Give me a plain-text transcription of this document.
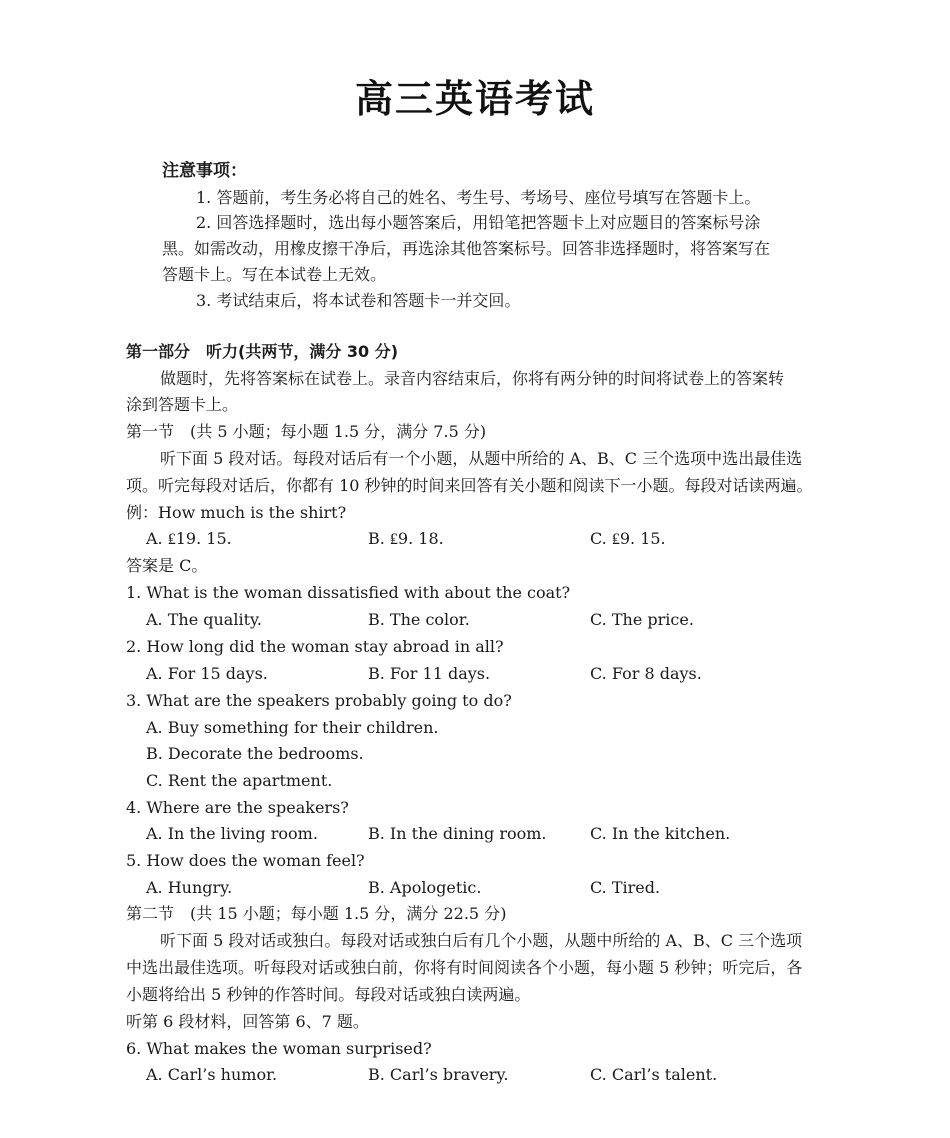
高三英语考试
注意事项：
1. 答题前，考生务必将自己的姓名、考生号、考场号、座位号填写在答题卡上。
2. 回答选择题时，选出每小题答案后，用铅笔把答题卡上对应题目的答案标号涂
黑。如需改动，用橡皮擦干净后，再选涂其他答案标号。回答非选择题时，将答案写在
答题卡上。写在本试卷上无效。
3. 考试结束后，将本试卷和答题卡一并交回。
第一部分　听力(共两节，满分 30 分)
做题时，先将答案标在试卷上。录音内容结束后，你将有两分钟的时间将试卷上的答案转
涂到答题卡上。
第一节　(共 5 小题；每小题 1.5 分，满分 7.5 分)
听下面 5 段对话。每段对话后有一个小题，从题中所给的 A、B、C 三个选项中选出最佳选
项。听完每段对话后，你都有 10 秒钟的时间来回答有关小题和阅读下一小题。每段对话读两遍。
例：How much is the shirt?
A. ₤19. 15.	B. ₤9. 18.	C. ₤9. 15.
答案是 C。
1. What is the woman dissatisfied with about the coat?
A. The quality.	B. The color.	C. The price.
2. How long did the woman stay abroad in all?
A. For 15 days.	B. For 11 days.	C. For 8 days.
3. What are the speakers probably going to do?
A. Buy something for their children.
B. Decorate the bedrooms.
C. Rent the apartment.
4. Where are the speakers?
A. In the living room.	B. In the dining room.	C. In the kitchen.
5. How does the woman feel?
A. Hungry.	B. Apologetic.	C. Tired.
第二节　(共 15 小题；每小题 1.5 分，满分 22.5 分)
听下面 5 段对话或独白。每段对话或独白后有几个小题，从题中所给的 A、B、C 三个选项
中选出最佳选项。听每段对话或独白前，你将有时间阅读各个小题，每小题 5 秒钟；听完后，各
小题将给出 5 秒钟的作答时间。每段对话或独白读两遍。
听第 6 段材料，回答第 6、7 题。
6. What makes the woman surprised?
A. Carl’s humor.	B. Carl’s bravery.	C. Carl’s talent.
